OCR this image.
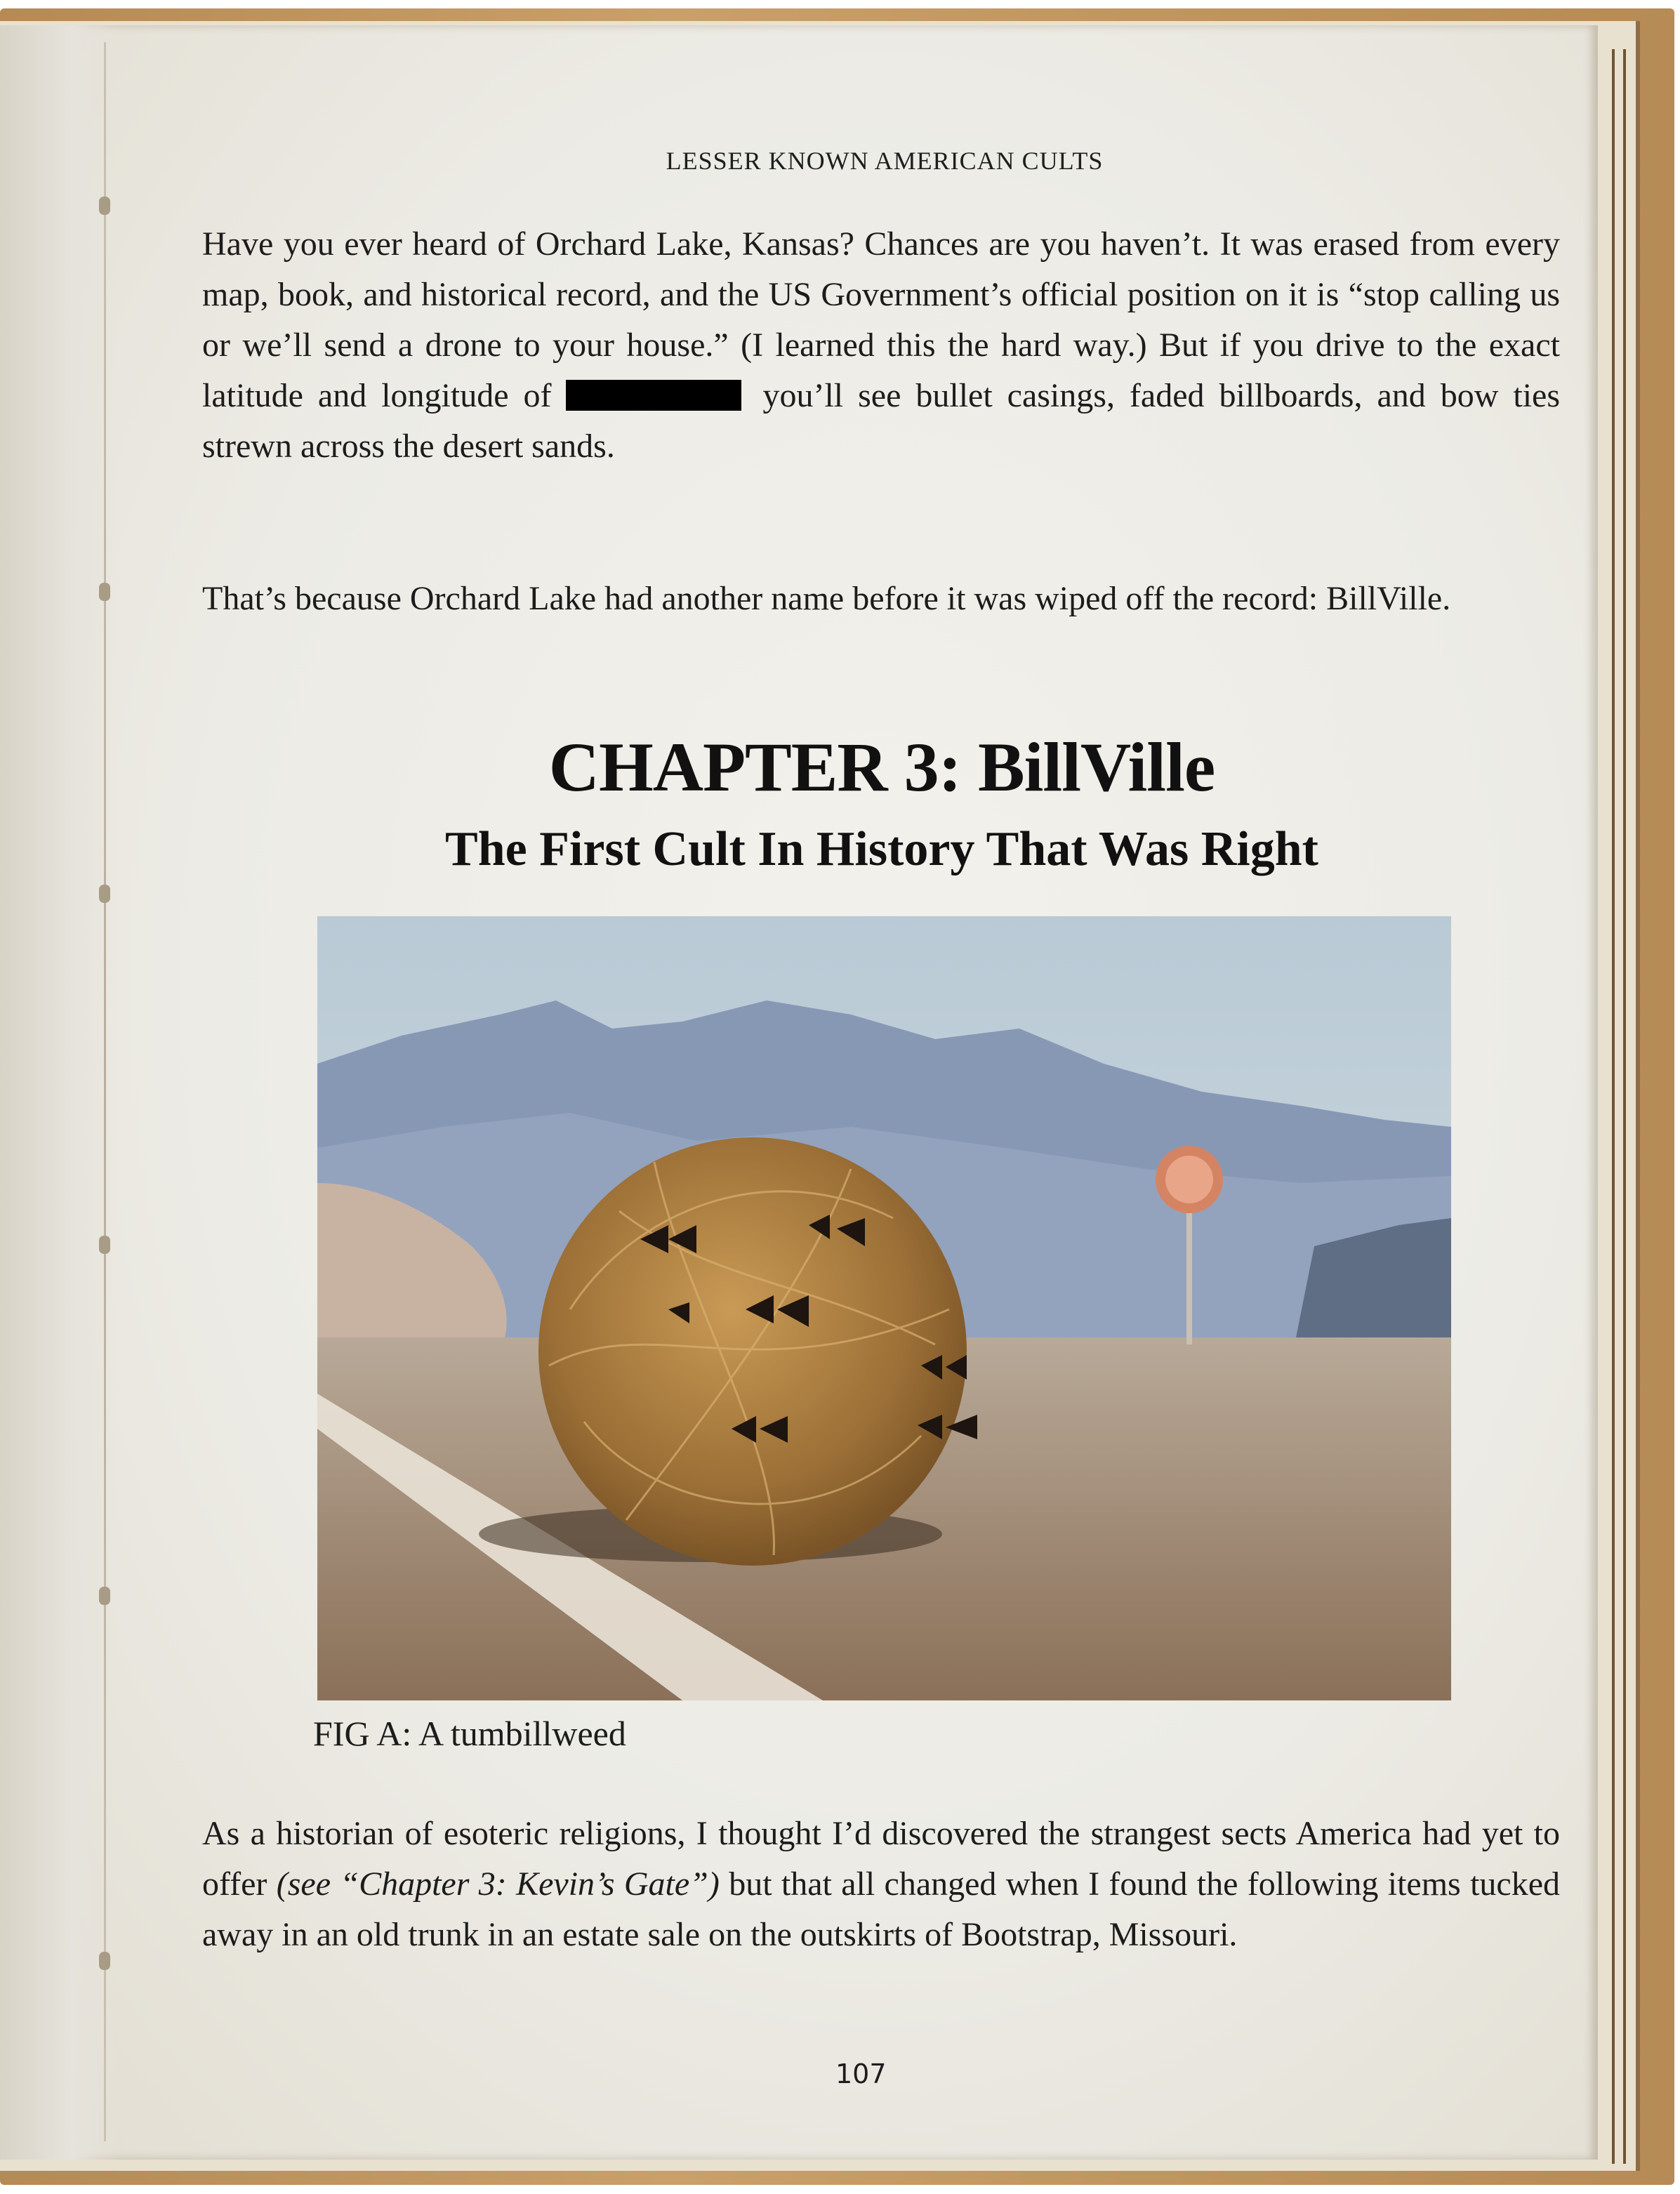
LESSER KNOWN AMERICAN CULTS

Have you ever heard of Orchard Lake, Kansas? Chances are you haven’t. It was erased from every map, book, and historical record, and the US Government’s official position on it is “stop calling us or we’ll send a drone to your house.” (I learned this the hard way.) But if you drive to the exact latitude and longitude of	you’ll see bullet casings, faded billboards, and bow ties strewn across the desert sands.

That’s because Orchard Lake had another name before it was wiped off the record: BillVille.

CHAPTER 3: BillVille
The First Cult In History That Was Right
FIG A: A tumbillweed

As a historian of esoteric religions, I thought I’d discovered the strangest sects America had yet to offer (see “Chapter 3: Kevin’s Gate”) but that all changed when I found the following items tucked away in an old trunk in an estate sale on the outskirts of Bootstrap, Missouri.

107
